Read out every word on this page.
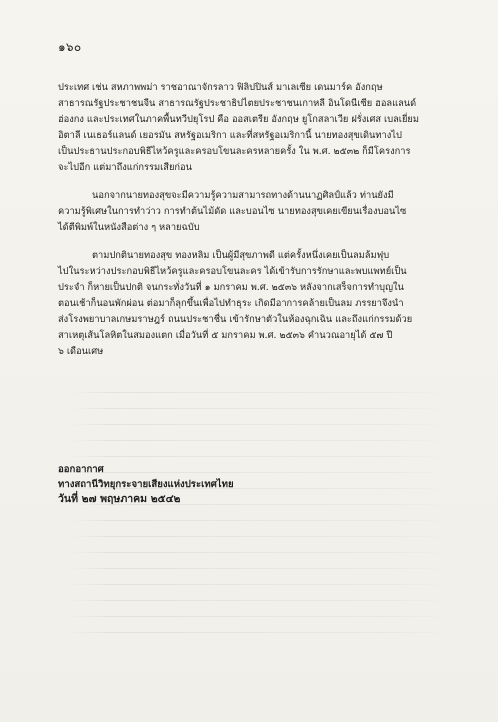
๑๖๐

ประเทศ เช่น สหภาพพม่า ราชอาณาจักรลาว ฟิลิปปินส์ มาเลเซีย เดนมาร์ค อังกฤษ
สาธารณรัฐประชาชนจีน สาธารณรัฐประชาธิปไตยประชาชนเกาหลี อินโดนีเซีย ฮอลแลนด์
ฮ่องกง และประเทศในภาคพื้นทวีปยุโรป คือ ออสเตรีย อังกฤษ ยูโกสลาเวีย ฝรั่งเศส เบลเยี่ยม
อิตาลี เนเธอร์แลนด์ เยอรมัน สหรัฐอเมริกา และที่สหรัฐอเมริกานี้ นายทองสุขเดินทางไป
เป็นประธานประกอบพิธีไหว้ครูและครอบโขนละครหลายครั้ง ใน พ.ศ. ๒๕๓๒ ก็มีโครงการ
จะไปอีก แต่มาถึงแก่กรรมเสียก่อน

นอกจากนายทองสุขจะมีความรู้ความสามารถทางด้านนาฏศิลป์แล้ว ท่านยังมี
ความรู้พิเศษในการทำว่าว การทำต้นไม้ดัด และบอนไซ นายทองสุขเคยเขียนเรื่องบอนไซ
ได้ตีพิมพ์ในหนังสือต่าง ๆ หลายฉบับ

ตามปกตินายทองสุข ทองหลิม เป็นผู้มีสุขภาพดี แต่ครั้งหนึ่งเคยเป็นลมล้มฟุบ
ไปในระหว่างประกอบพิธีไหว้ครูและครอบโขนละคร ได้เข้ารับการรักษาและพบแพทย์เป็น
ประจำ ก็หายเป็นปกติ จนกระทั่งวันที่ ๑ มกราคม พ.ศ. ๒๕๓๖ หลังจากเสร็จการทำบุญใน
ตอนเช้าก็นอนพักผ่อน ต่อมาก็ลุกขึ้นเพื่อไปทำธุระ เกิดมีอาการคล้ายเป็นลม ภรรยาจึงนำ
ส่งโรงพยาบาลเกษมราษฎร์ ถนนประชาชื่น เข้ารักษาตัวในห้องฉุกเฉิน และถึงแก่กรรมด้วย
สาเหตุเส้นโลหิตในสมองแตก เมื่อวันที่ ๕ มกราคม พ.ศ. ๒๕๓๖ คำนวณอายุได้ ๕๗ ปี
๖ เดือนเศษ

ออกอากาศ
ทางสถานีวิทยุกระจายเสียงแห่งประเทศไทย
วันที่ ๒๗ พฤษภาคม ๒๕๔๒
